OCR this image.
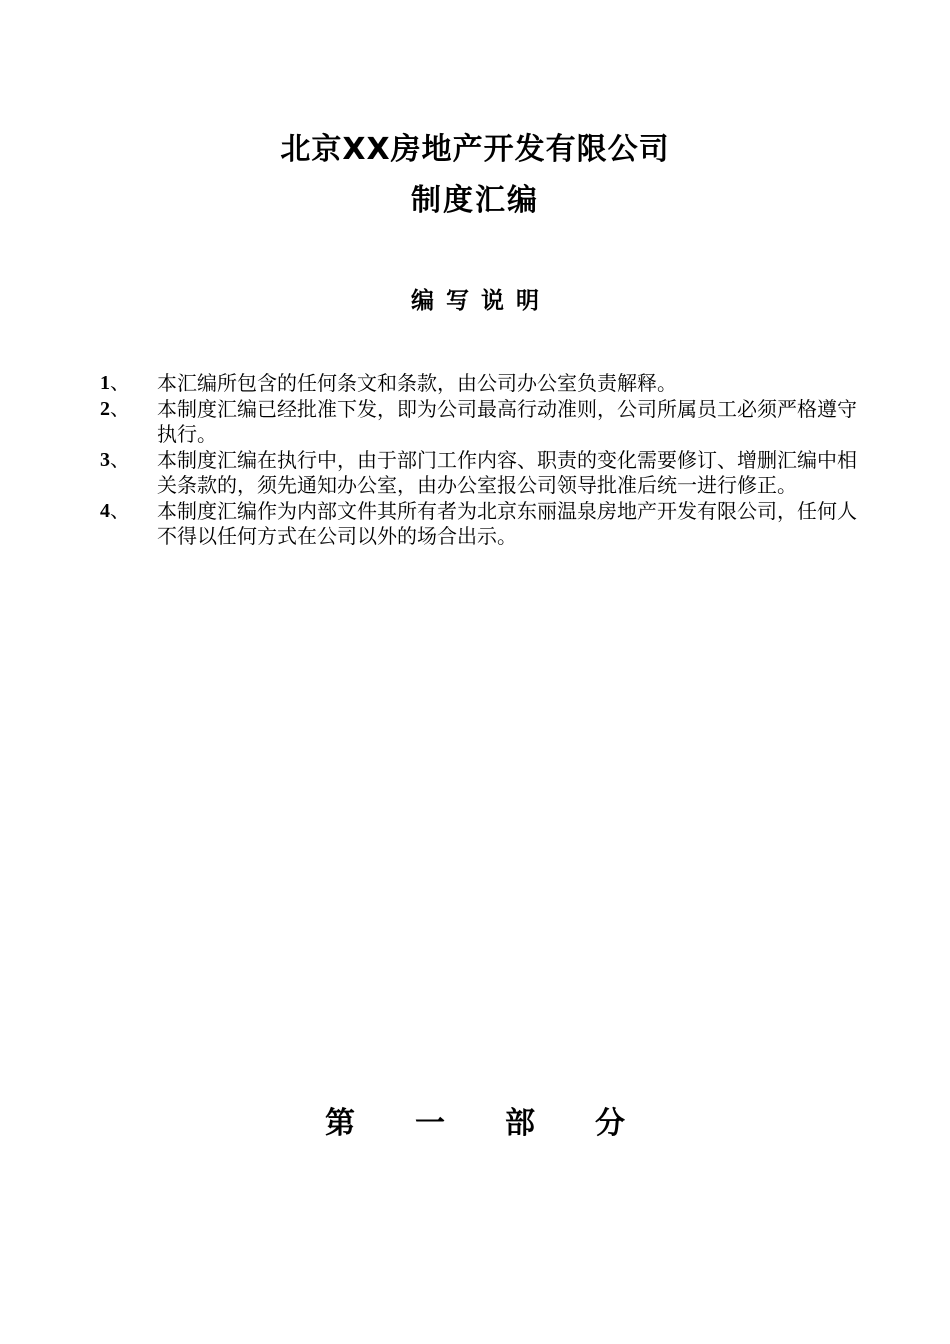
北京XX房地产开发有限公司
制度汇编
编写说明
1、 本汇编所包含的任何条文和条款，由公司办公室负责解释。
2、 本制度汇编已经批准下发，即为公司最高行动准则，公司所属员工必须严格遵守执行。
3、 本制度汇编在执行中，由于部门工作内容、职责的变化需要修订、增删汇编中相关条款的，须先通知办公室，由办公室报公司领导批准后统一进行修正。
4、 本制度汇编作为内部文件其所有者为北京东丽温泉房地产开发有限公司，任何人不得以任何方式在公司以外的场合出示。
第 一 部 分
